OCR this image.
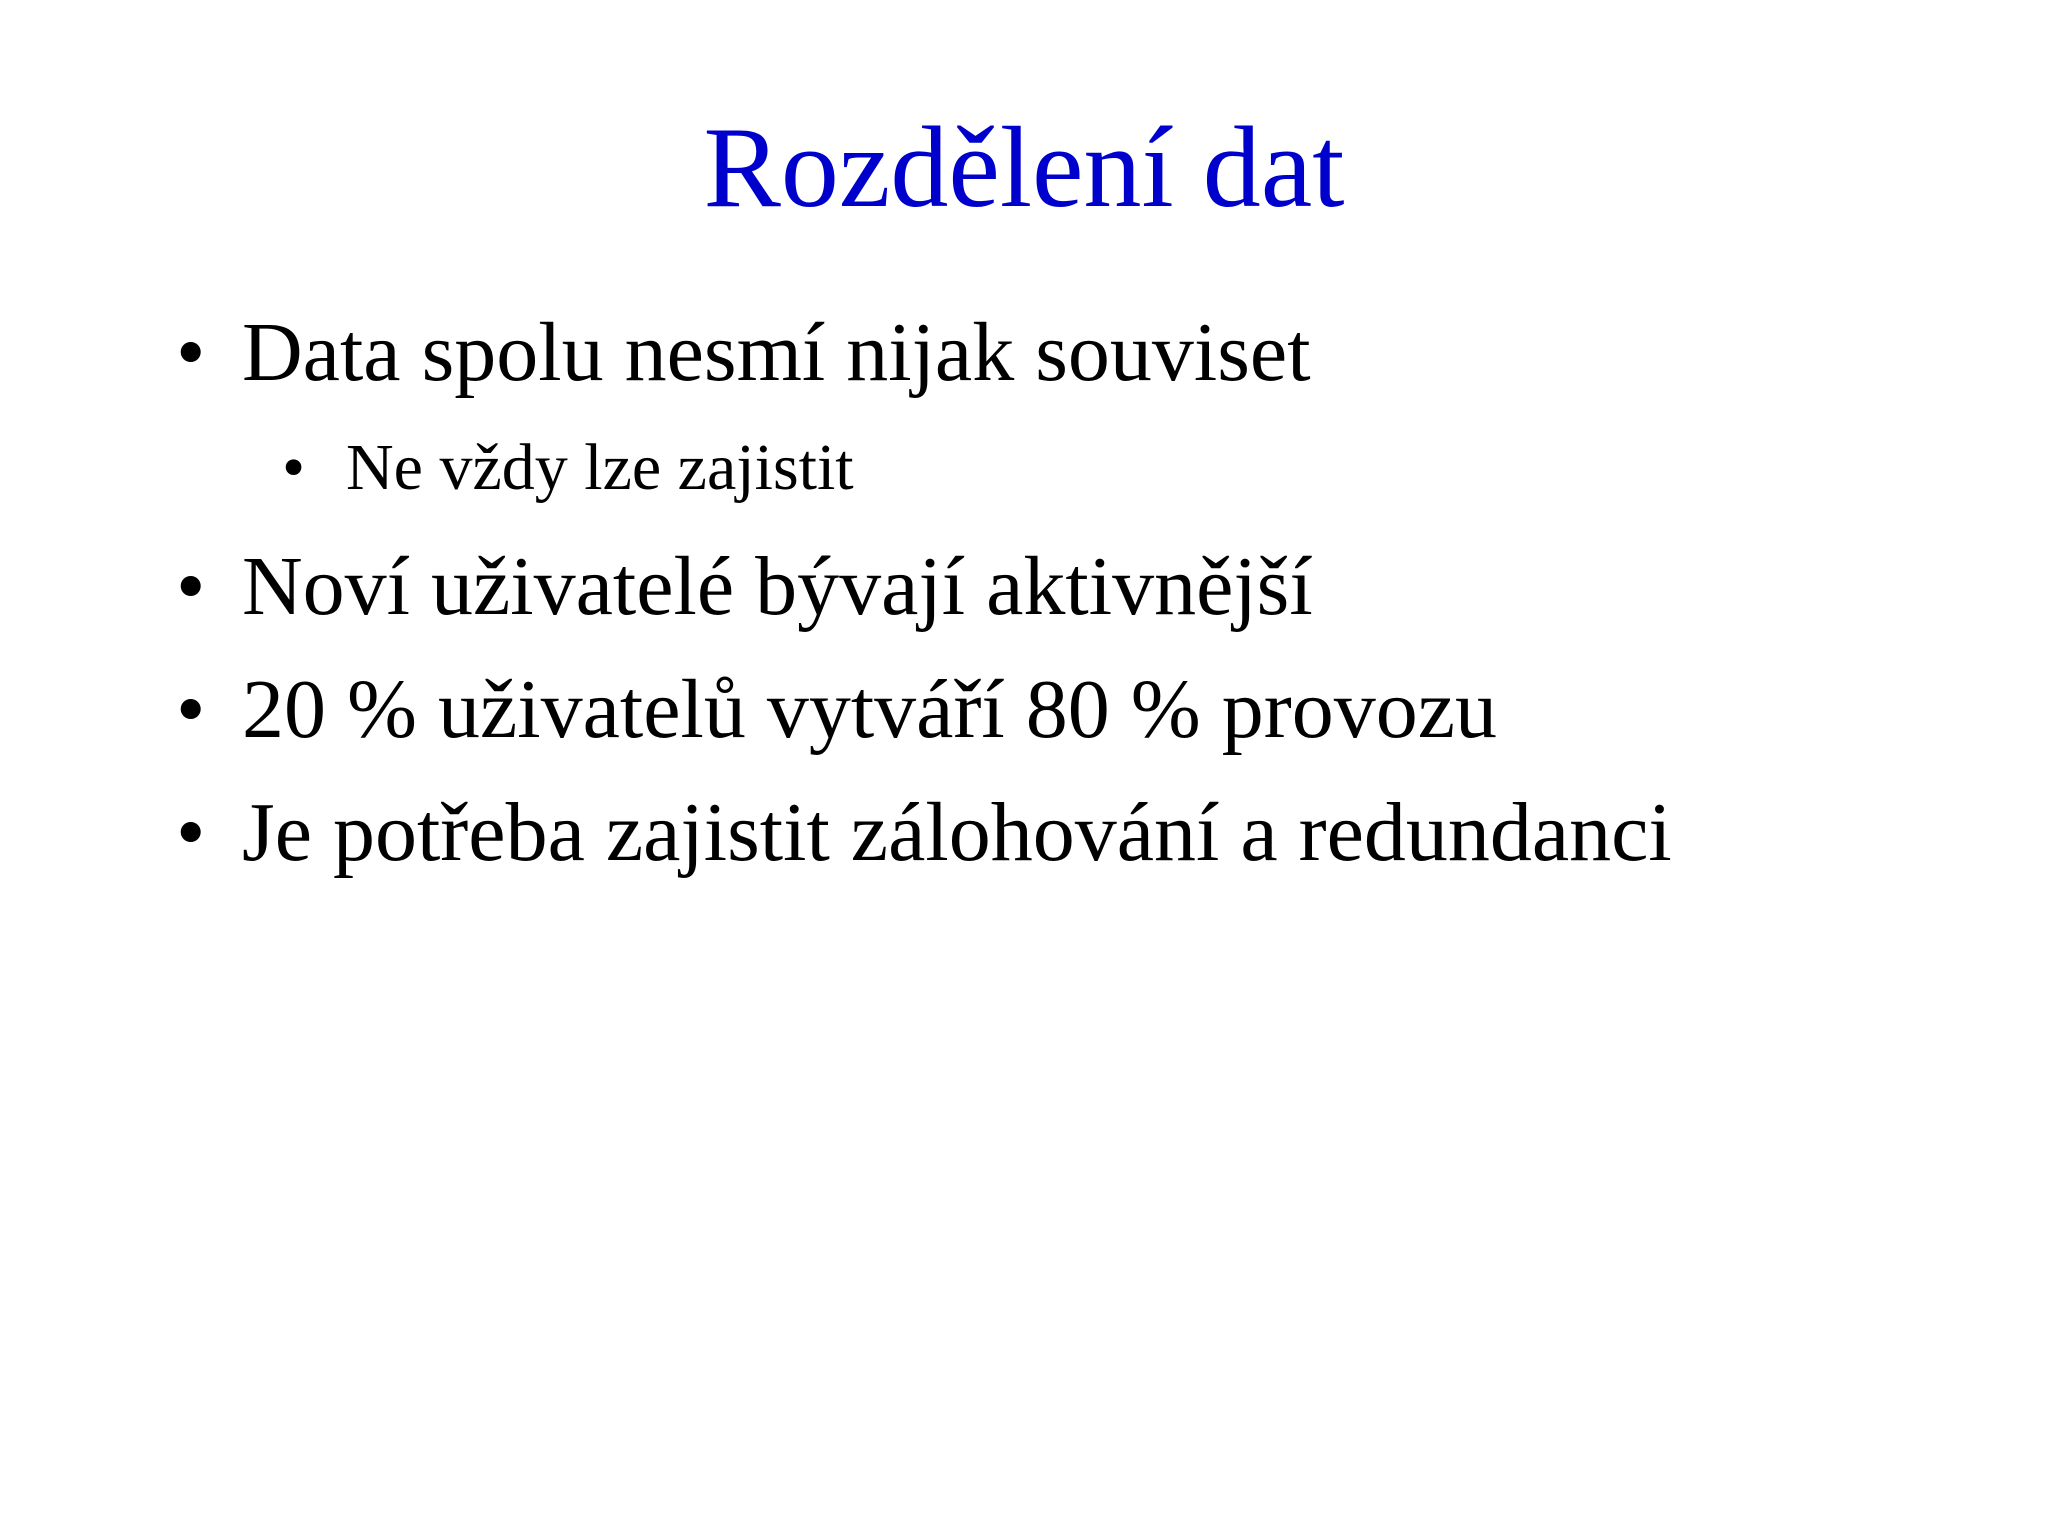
Rozdělení dat
• Data spolu nesmí nijak souviset
• Ne vždy lze zajistit
• Noví uživatelé bývají aktivnější
• 20 % uživatelů vytváří 80 % provozu
• Je potřeba zajistit zálohování a redundanci
